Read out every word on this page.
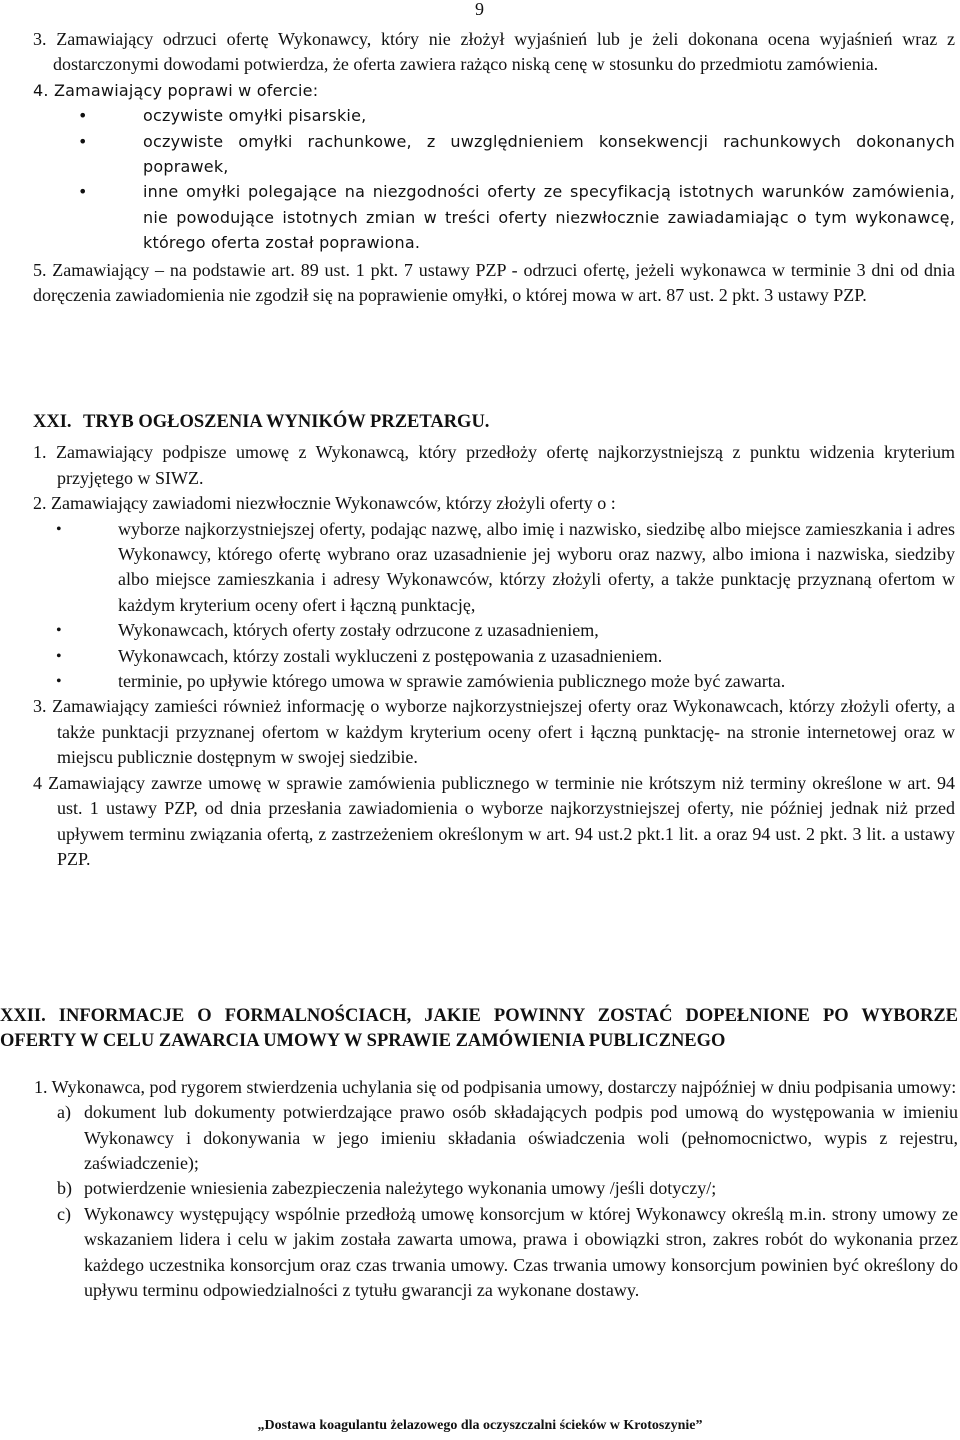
9

3. Zamawiający odrzuci ofertę Wykonawcy, który nie złożył wyjaśnień lub je żeli dokonana ocena wyjaśnień wraz z dostarczonymi dowodami potwierdza, że oferta zawiera rażąco niską cenę w stosunku do przedmiotu zamówienia.

4. Zamawiający poprawi w ofercie:

• oczywiste omyłki pisarskie,

• oczywiste omyłki rachunkowe, z uwzględnieniem konsekwencji rachunkowych dokonanych poprawek,

• inne omyłki polegające na niezgodności oferty ze specyfikacją istotnych warunków zamówienia, nie powodujące istotnych zmian w treści oferty niezwłocznie zawiadamiając o tym wykonawcę, którego oferta został poprawiona.

5. Zamawiający – na podstawie art. 89 ust. 1 pkt. 7 ustawy PZP - odrzuci ofertę, jeżeli wykonawca w terminie 3 dni od dnia doręczenia zawiadomienia nie zgodził się na poprawienie omyłki, o której mowa w art. 87 ust. 2 pkt. 3 ustawy PZP.

XXI. TRYB OGŁOSZENIA WYNIKÓW PRZETARGU.

1. Zamawiający podpisze umowę z Wykonawcą, który przedłoży ofertę najkorzystniejszą z punktu widzenia kryterium przyjętego w SIWZ.

2. Zamawiający zawiadomi niezwłocznie Wykonawców, którzy złożyli oferty o :

• wyborze najkorzystniejszej oferty, podając nazwę, albo imię i nazwisko, siedzibę albo miejsce zamieszkania i adres Wykonawcy, którego ofertę wybrano oraz uzasadnienie jej wyboru oraz nazwy, albo imiona i nazwiska, siedziby albo miejsce zamieszkania i adresy Wykonawców, którzy złożyli oferty, a także punktację przyznaną ofertom w każdym kryterium oceny ofert i łączną punktację,

• Wykonawcach, których oferty zostały odrzucone z uzasadnieniem,

• Wykonawcach, którzy zostali wykluczeni z postępowania z uzasadnieniem.

• terminie, po upływie którego umowa w sprawie zamówienia publicznego może być zawarta.

3. Zamawiający zamieści również informację o wyborze najkorzystniejszej oferty oraz Wykonawcach, którzy złożyli oferty, a także punktacji przyznanej ofertom w każdym kryterium oceny ofert i łączną punktację- na stronie internetowej oraz w miejscu publicznie dostępnym w swojej siedzibie.

4 Zamawiający zawrze umowę w sprawie zamówienia publicznego w terminie nie krótszym niż terminy określone w art. 94 ust. 1 ustawy PZP, od dnia przesłania zawiadomienia o wyborze najkorzystniejszej oferty, nie później jednak niż przed upływem terminu związania ofertą, z zastrzeżeniem określonym w art. 94 ust.2 pkt.1 lit. a oraz 94 ust. 2 pkt. 3 lit. a ustawy PZP.

XXII. INFORMACJE O FORMALNOŚCIACH, JAKIE POWINNY ZOSTAĆ DOPEŁNIONE PO WYBORZE OFERTY W CELU ZAWARCIA UMOWY W SPRAWIE ZAMÓWIENIA PUBLICZNEGO

1. Wykonawca, pod rygorem stwierdzenia uchylania się od podpisania umowy, dostarczy najpóźniej w dniu podpisania umowy:

a) dokument lub dokumenty potwierdzające prawo osób składających podpis pod umową do występowania w imieniu Wykonawcy i dokonywania w jego imieniu składania oświadczenia woli (pełnomocnictwo, wypis z rejestru, zaświadczenie);

b) potwierdzenie wniesienia zabezpieczenia należytego wykonania umowy /jeśli dotyczy/;

c) Wykonawcy występujący wspólnie przedłożą umowę konsorcjum w której Wykonawcy określą m.in. strony umowy ze wskazaniem lidera i celu w jakim została zawarta umowa, prawa i obowiązki stron, zakres robót do wykonania przez każdego uczestnika konsorcjum oraz czas trwania umowy. Czas trwania umowy konsorcjum powinien być określony do upływu terminu odpowiedzialności z tytułu gwarancji za wykonane dostawy.

„Dostawa koagulantu żelazowego dla oczyszczalni ścieków w Krotoszynie”
